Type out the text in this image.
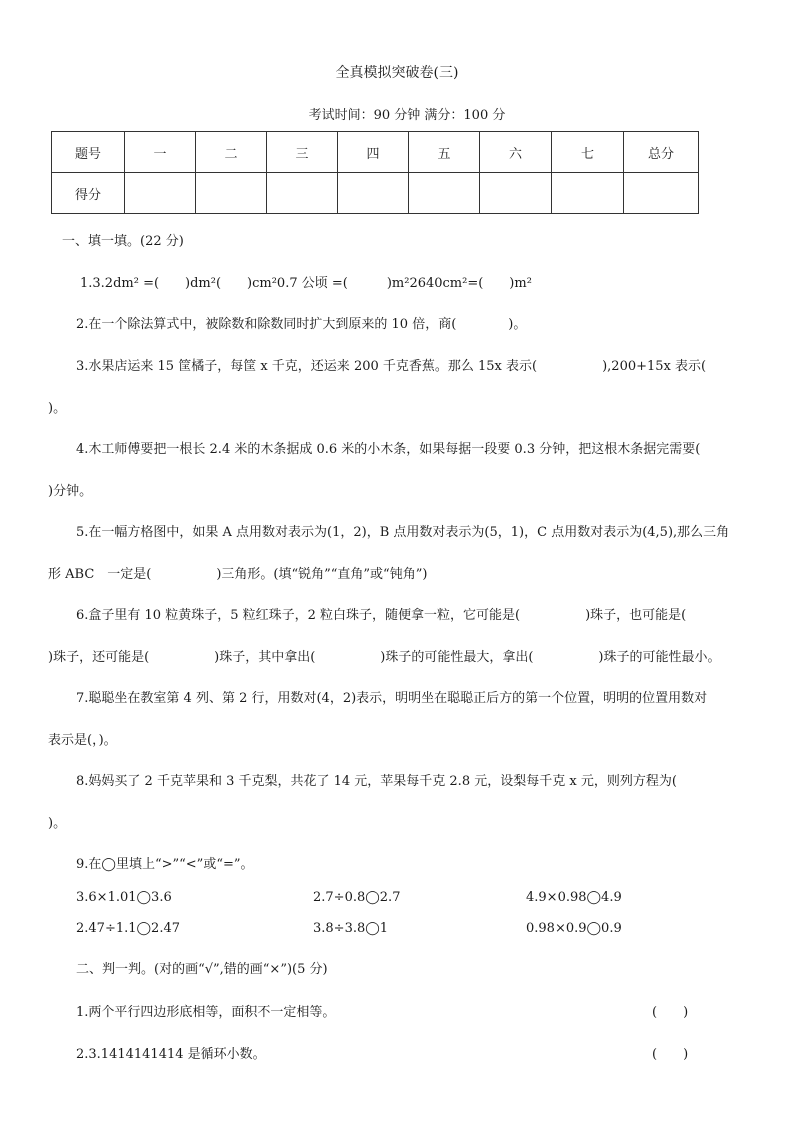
全真模拟突破卷(三)
考试时间：90 分钟 满分：100 分
题号	一	二	三	四	五	六	七	总分
得分								
一、填一填。(22 分)
1.3.2dm² =(　　)dm²(　　)cm²0.7 公顷 =(　　　)m²2640cm²=(　　)m²
2.在一个除法算式中，被除数和除数同时扩大到原来的 10 倍，商(　　　　)。
3.水果店运来 15 筐橘子，每筐 x 千克，还运来 200 千克香蕉。那么 15x 表示(　　　　　),200+15x 表示(
)。
4.木工师傅要把一根长 2.4 米的木条据成 0.6 米的小木条，如果每据一段要 0.3 分钟，把这根木条据完需要(
)分钟。
5.在一幅方格图中，如果 A 点用数对表示为(1，2)，B 点用数对表示为(5，1)，C 点用数对表示为(4,5),那么三角
形 ABC　一定是(　　　　　)三角形。(填“锐角”“直角”或“钝角”)
6.盒子里有 10 粒黄珠子，5 粒红珠子，2 粒白珠子，随便拿一粒，它可能是(　　　　　)珠子，也可能是(
)珠子，还可能是(　　　　　)珠子，其中拿出(　　　　　)珠子的可能性最大，拿出(　　　　　)珠子的可能性最小。
7.聪聪坐在教室第 4 列、第 2 行，用数对(4，2)表示，明明坐在聪聪正后方的第一个位置，明明的位置用数对
表示是(，)。
8.妈妈买了 2 千克苹果和 3 千克梨，共花了 14 元，苹果每千克 2.8 元，设梨每千克 x 元，则列方程为(
)。
9.在◯里填上“>”“<”或“=”。
3.6×1.01◯3.6	2.7÷0.8◯2.7	4.9×0.98◯4.9
2.47÷1.1◯2.47	3.8÷3.8◯1	0.98×0.9◯0.9
二、判一判。(对的画“√”,错的画“×”)(5 分)
1.两个平行四边形底相等，面积不一定相等。	(　　)
2.3.1414141414 是循环小数。	(　　)
